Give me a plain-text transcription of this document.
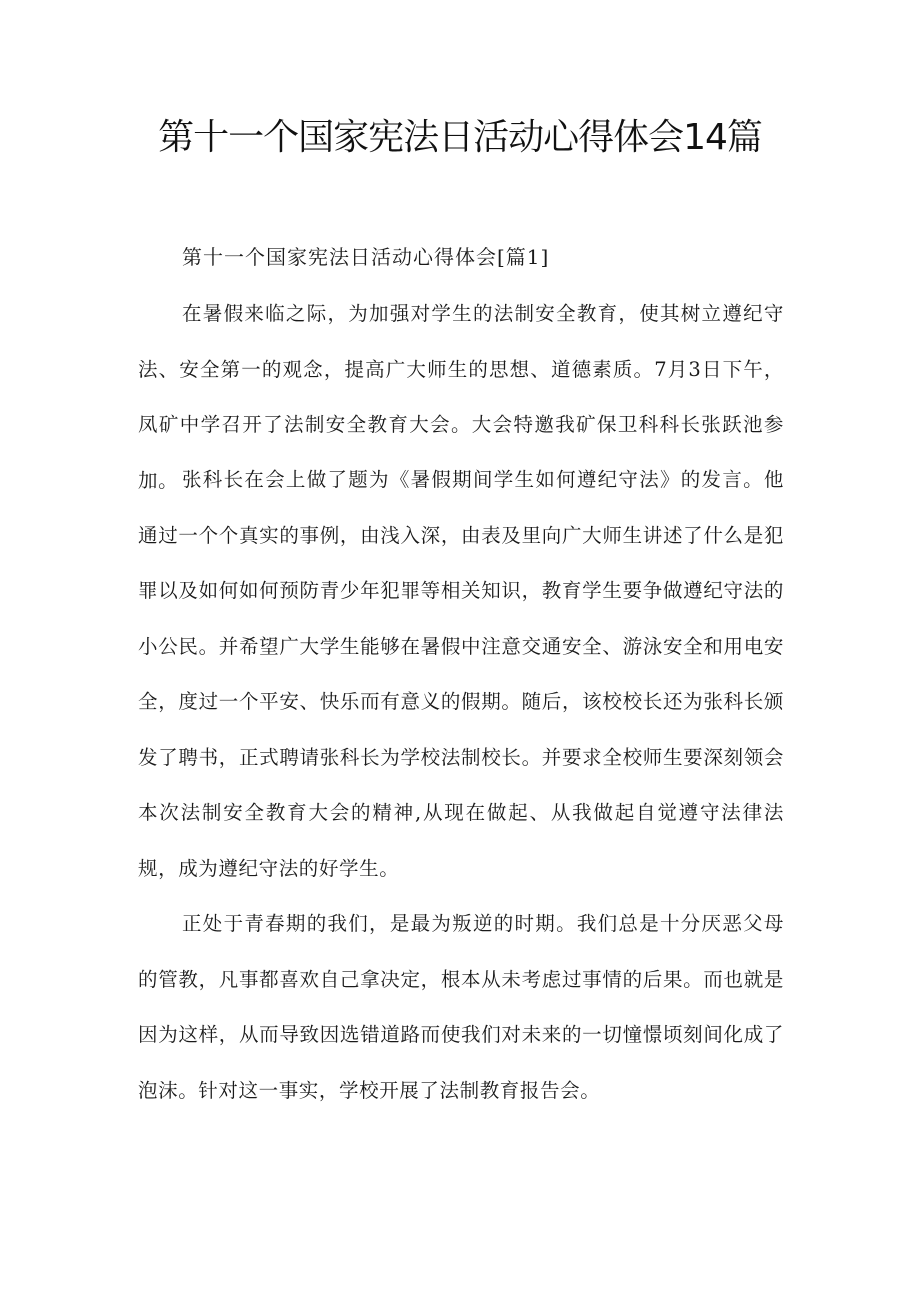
第十一个国家宪法日活动心得体会14篇

第十一个国家宪法日活动心得体会[篇1]

在暑假来临之际，为加强对学生的法制安全教育，使其树立遵纪守法、安全第一的观念，提高广大师生的思想、道德素质。7月3日下午，凤矿中学召开了法制安全教育大会。大会特邀我矿保卫科科长张跃池参加。 张科长在会上做了题为《暑假期间学生如何遵纪守法》的发言。他通过一个个真实的事例，由浅入深，由表及里向广大师生讲述了什么是犯罪以及如何如何预防青少年犯罪等相关知识，教育学生要争做遵纪守法的小公民。并希望广大学生能够在暑假中注意交通安全、游泳安全和用电安全，度过一个平安、快乐而有意义的假期。随后，该校校长还为张科长颁发了聘书，正式聘请张科长为学校法制校长。并要求全校师生要深刻领会本次法制安全教育大会的精神,从现在做起、从我做起自觉遵守法律法规，成为遵纪守法的好学生。

正处于青春期的我们，是最为叛逆的时期。我们总是十分厌恶父母的管教，凡事都喜欢自己拿决定，根本从未考虑过事情的后果。而也就是因为这样，从而导致因选错道路而使我们对未来的一切憧憬顷刻间化成了泡沫。针对这一事实，学校开展了法制教育报告会。
